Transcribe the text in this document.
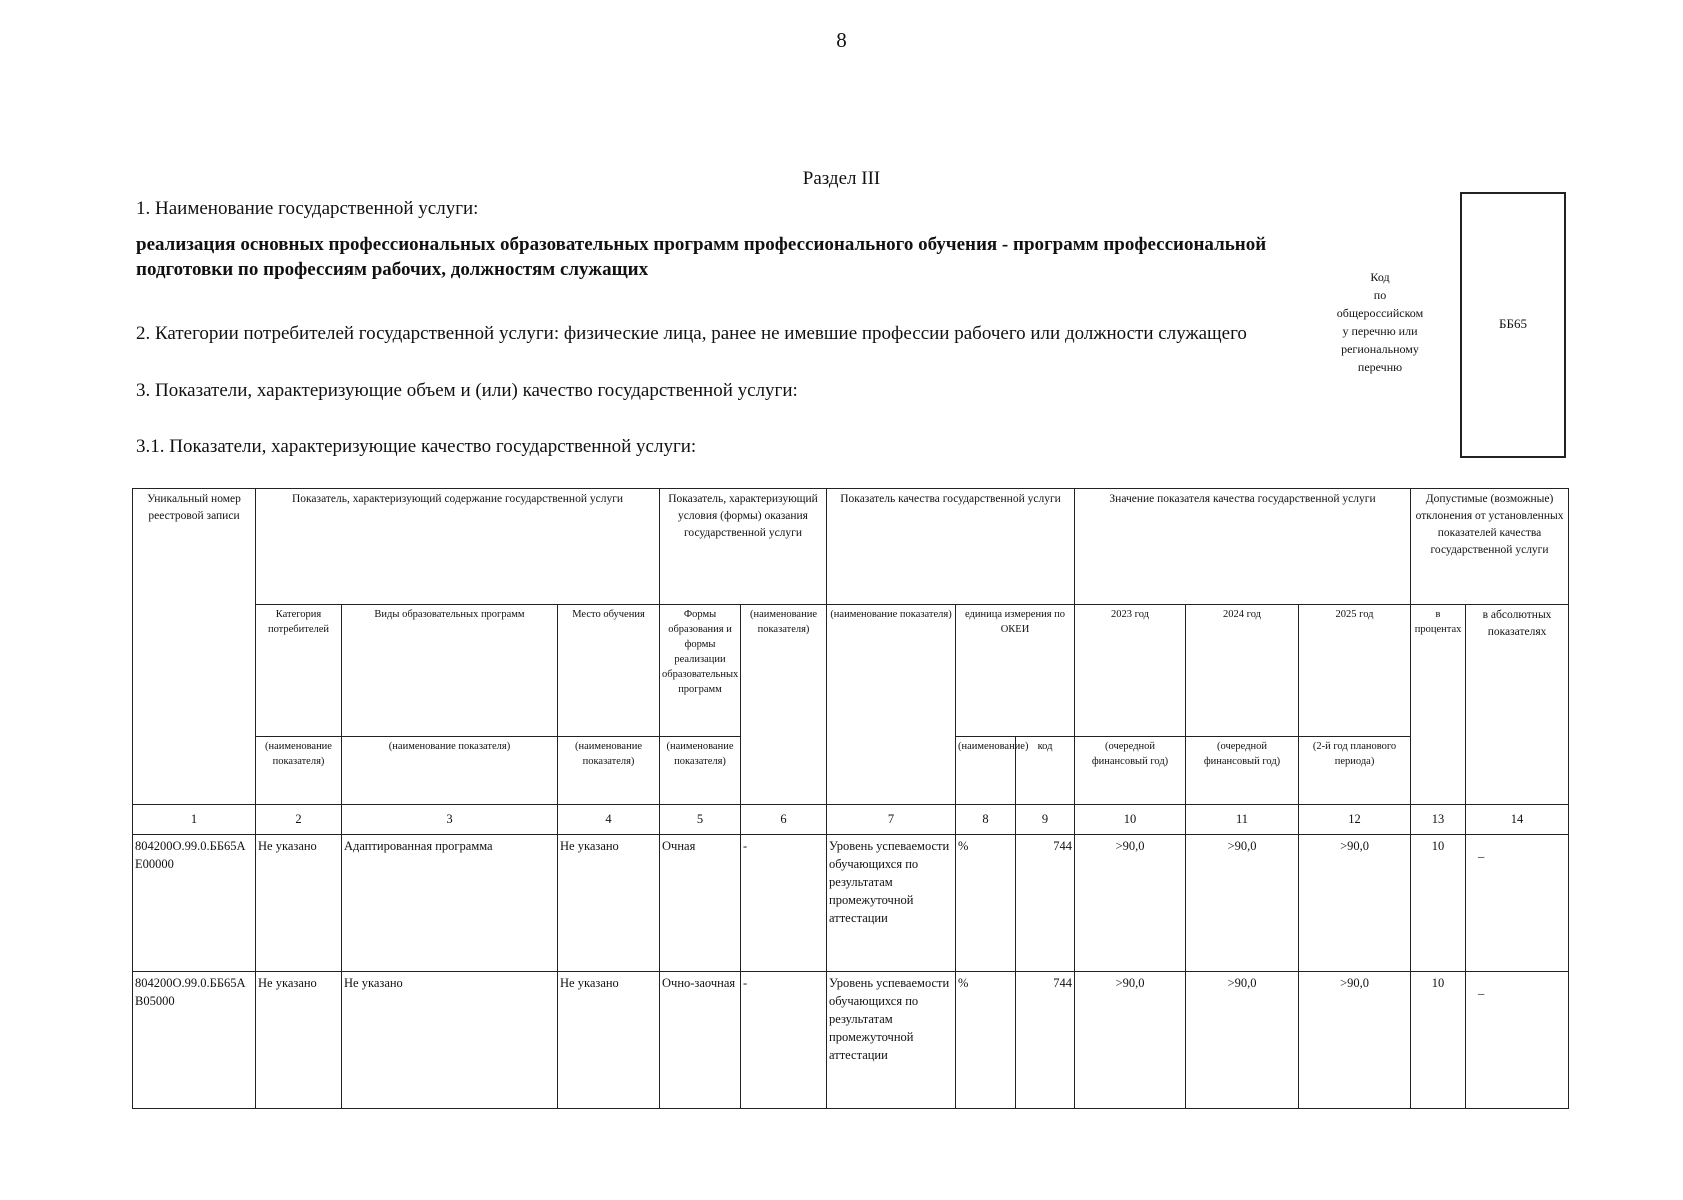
8
Раздел III
1. Наименование государственной услуги:
реализация основных профессиональных образовательных программ профессионального обучения - программ профессиональной
подготовки по профессиям рабочих, должностям служащих
2. Категории потребителей государственной услуги: физические лица, ранее не имевшие профессии рабочего или должности служащего
3. Показатели, характеризующие объем и (или) качество государственной услуги:
3.1. Показатели, характеризующие качество государственной услуги:
Код
по
общероссийском
у перечню или
региональному
перечню
ББ65
Уникальный номер реестровой записи	Показатель, характеризующий содержание государственной услуги			Показатель, характеризующий условия (формы) оказания государственной услуги		Показатель качества государственной услуги			Значение показателя качества государственной услуги			Допустимые (возможные) отклонения от установленных показателей качества государственной услуги	
	Категория потребителей	Виды образовательных программ	Место обучения	Формы образования и формы реализации образовательных программ	(наименование показателя)	(наименование показателя)	единица измерения по ОКЕИ		2023 год	2024 год	2025 год	в процентах	в абсолютных показателях
	(наименование показателя)	(наименование показателя)	(наименование показателя)	(наименование показателя)			(наименование)	код	(очередной финансовый год)	(очередной финансовый год)	(2-й год планового периода)		
1	2	3	4	5	6	7	8	9	10	11	12	13	14
804200О.99.0.ББ65АЕ00000	Не указано	Адаптированная программа	Не указано	Очная	-	Уровень успеваемости обучающихся по результатам промежуточной аттестации	%	744	>90,0	>90,0	>90,0	10	_
804200О.99.0.ББ65АВ05000	Не указано	Не указано	Не указано	Очно-заочная	-	Уровень успеваемости обучающихся по результатам промежуточной аттестации	%	744	>90,0	>90,0	>90,0	10	_
